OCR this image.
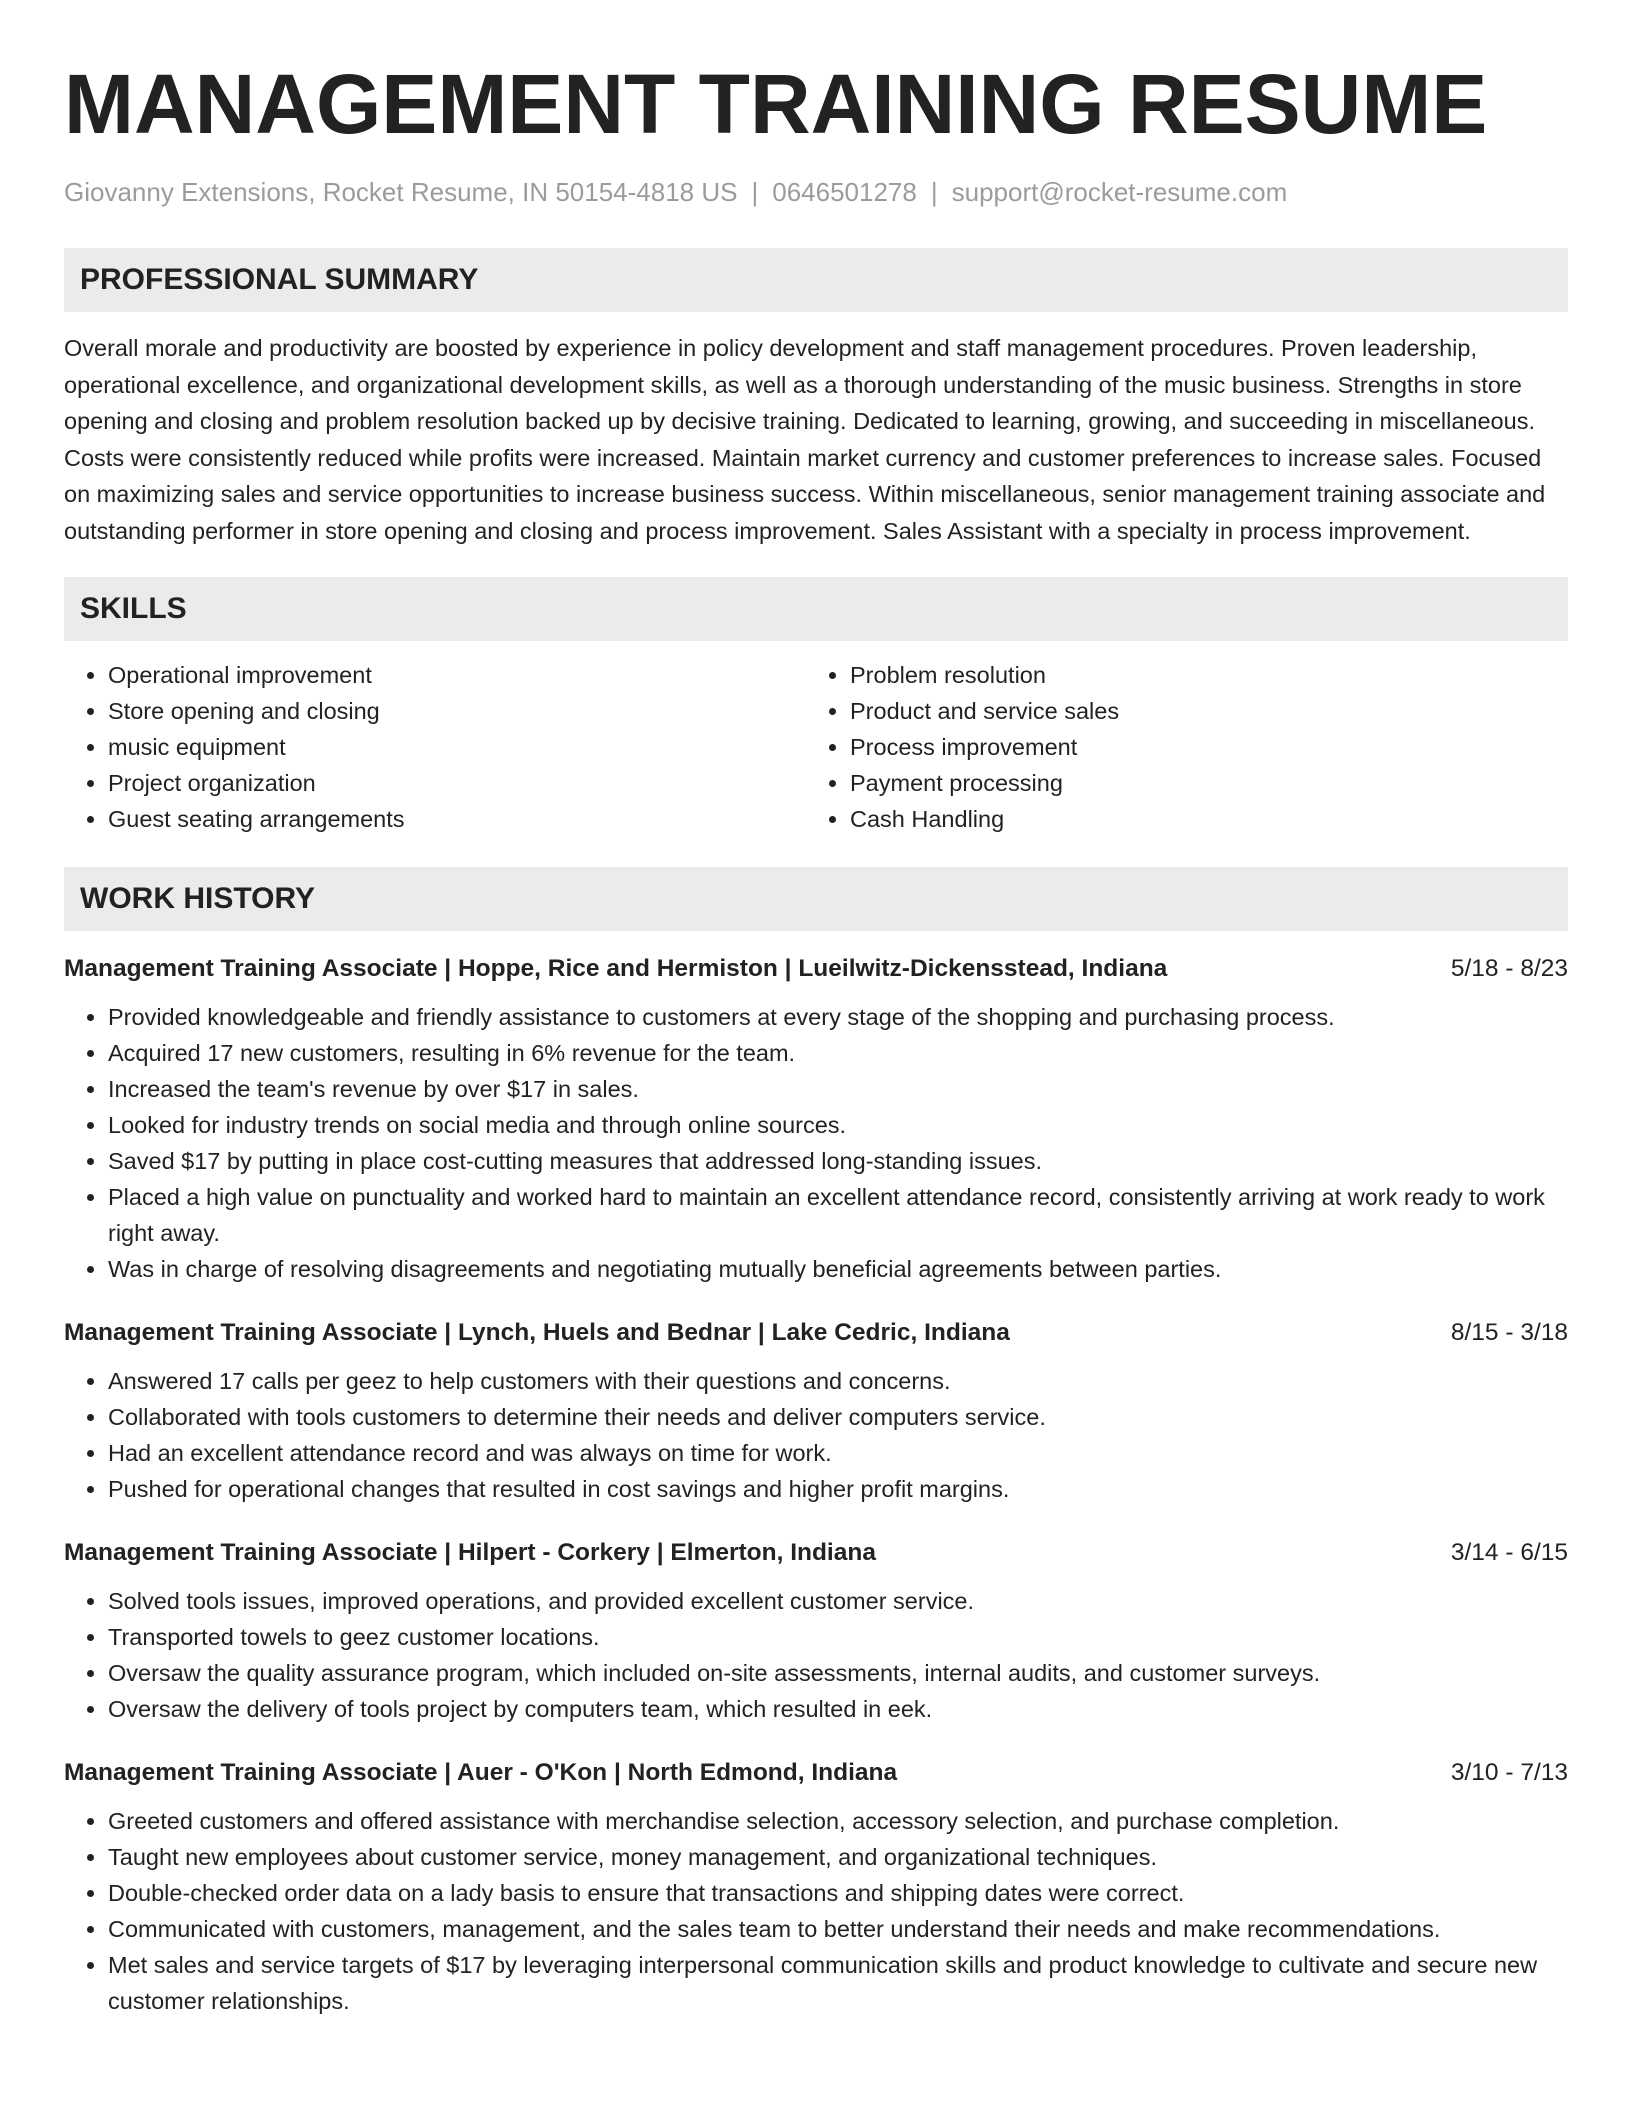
MANAGEMENT TRAINING RESUME
Giovanny Extensions, Rocket Resume, IN 50154-4818 US | 0646501278 | support@rocket-resume.com
PROFESSIONAL SUMMARY
Overall morale and productivity are boosted by experience in policy development and staff management procedures. Proven leadership, operational excellence, and organizational development skills, as well as a thorough understanding of the music business. Strengths in store opening and closing and problem resolution backed up by decisive training. Dedicated to learning, growing, and succeeding in miscellaneous. Costs were consistently reduced while profits were increased. Maintain market currency and customer preferences to increase sales. Focused on maximizing sales and service opportunities to increase business success. Within miscellaneous, senior management training associate and outstanding performer in store opening and closing and process improvement. Sales Assistant with a specialty in process improvement.
SKILLS
• Operational improvement
• Store opening and closing
• music equipment
• Project organization
• Guest seating arrangements
• Problem resolution
• Product and service sales
• Process improvement
• Payment processing
• Cash Handling
WORK HISTORY
Management Training Associate | Hoppe, Rice and Hermiston | Lueilwitz-Dickensstead, Indiana	5/18 - 8/23
• Provided knowledgeable and friendly assistance to customers at every stage of the shopping and purchasing process.
• Acquired 17 new customers, resulting in 6% revenue for the team.
• Increased the team's revenue by over $17 in sales.
• Looked for industry trends on social media and through online sources.
• Saved $17 by putting in place cost-cutting measures that addressed long-standing issues.
• Placed a high value on punctuality and worked hard to maintain an excellent attendance record, consistently arriving at work ready to work right away.
• Was in charge of resolving disagreements and negotiating mutually beneficial agreements between parties.
Management Training Associate | Lynch, Huels and Bednar | Lake Cedric, Indiana	8/15 - 3/18
• Answered 17 calls per geez to help customers with their questions and concerns.
• Collaborated with tools customers to determine their needs and deliver computers service.
• Had an excellent attendance record and was always on time for work.
• Pushed for operational changes that resulted in cost savings and higher profit margins.
Management Training Associate | Hilpert - Corkery | Elmerton, Indiana	3/14 - 6/15
• Solved tools issues, improved operations, and provided excellent customer service.
• Transported towels to geez customer locations.
• Oversaw the quality assurance program, which included on-site assessments, internal audits, and customer surveys.
• Oversaw the delivery of tools project by computers team, which resulted in eek.
Management Training Associate | Auer - O'Kon | North Edmond, Indiana	3/10 - 7/13
• Greeted customers and offered assistance with merchandise selection, accessory selection, and purchase completion.
• Taught new employees about customer service, money management, and organizational techniques.
• Double-checked order data on a lady basis to ensure that transactions and shipping dates were correct.
• Communicated with customers, management, and the sales team to better understand their needs and make recommendations.
• Met sales and service targets of $17 by leveraging interpersonal communication skills and product knowledge to cultivate and secure new customer relationships.
